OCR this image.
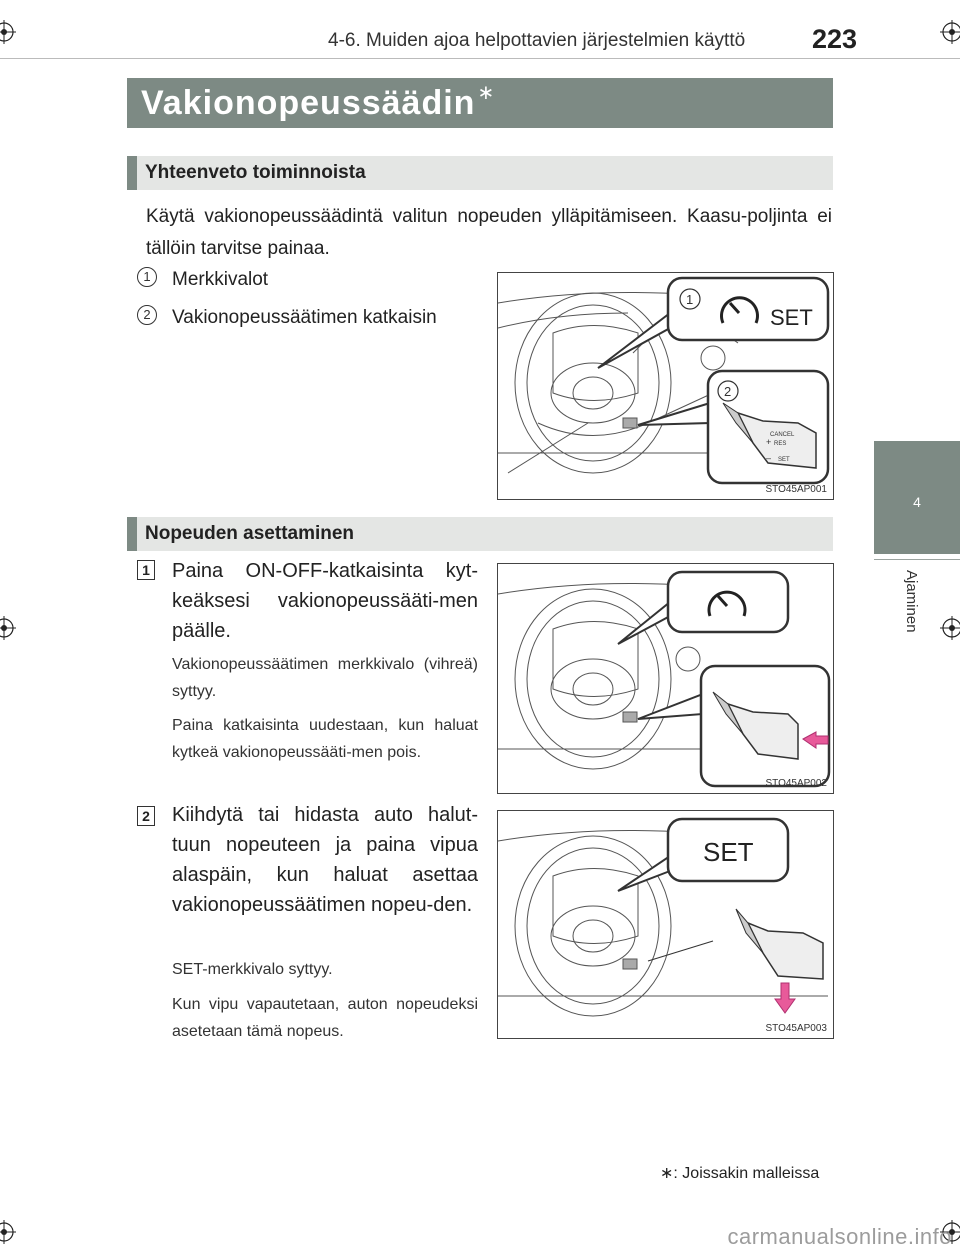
4-6. Muiden ajoa helpottavien järjestelmien käyttö 223
4
Ajaminen
Vakionopeussäädin ∗
Yhteenveto toiminnoista
Käytä vakionopeussäädintä valitun nopeuden ylläpitämiseen. Kaasu-poljinta ei tällöin tarvitse painaa.
1	Merkkivalot
2	Vakionopeussäätimen katkaisin
1
SET
2
CANCEL
RES
SET
+
–
STO45AP001
Nopeuden asettaminen
1 Paina ON-OFF-katkaisinta kyt-keäksesi vakionopeussääti-men päälle.
Vakionopeussäätimen merkkivalo (vihreä) syttyy.
Paina katkaisinta uudestaan, kun haluat kytkeä vakionopeussääti-men pois.
STO45AP002
2 Kiihdytä tai hidasta auto halut-tuun nopeuteen ja paina vipua alaspäin, kun haluat asettaa vakionopeussäätimen nopeu-den.
SET-merkkivalo syttyy.
Kun vipu vapautetaan, auton nopeudeksi asetetaan tämä nopeus.
SET
STO45AP003
∗: Joissakin malleissa
carmanualsonline.info
